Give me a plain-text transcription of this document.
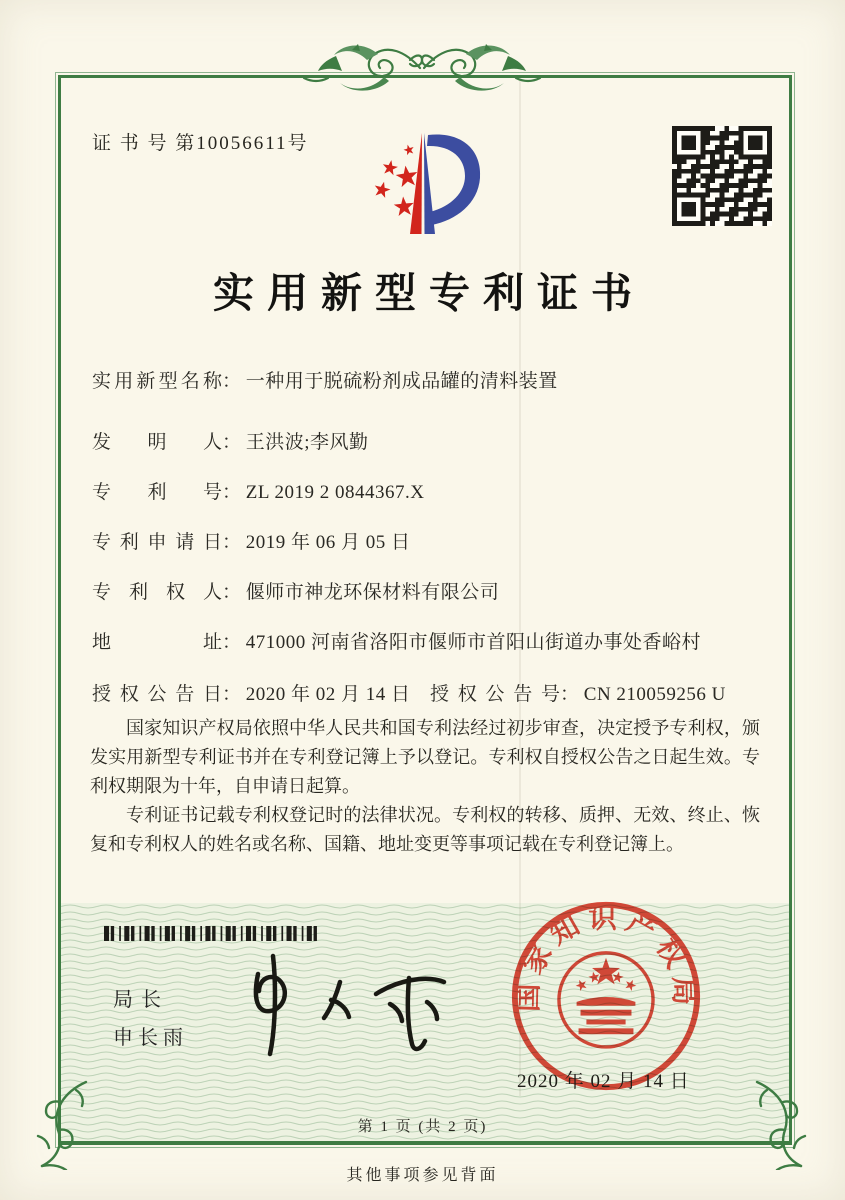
证 书 号 第10056611号
实用新型专利证书
实用新型名称： 一种用于脱硫粉剂成品罐的清料装置
发明人： 王洪波;李风勤
专利号： ZL 2019 2 0844367.X
专利申请日： 2019 年 06 月 05 日
专利权人： 偃师市神龙环保材料有限公司
地址： 471000 河南省洛阳市偃师市首阳山街道办事处香峪村
授权公告日： 2020 年 02 月 14 日 授权公告号： CN 210059256 U

国家知识产权局依照中华人民共和国专利法经过初步审查，决定授予专利权，颁发实用新型专利证书并在专利登记簿上予以登记。专利权自授权公告之日起生效。专利权期限为十年，自申请日起算。

专利证书记载专利权登记时的法律状况。专利权的转移、质押、无效、终止、恢复和专利权人的姓名或名称、国籍、地址变更等事项记载在专利登记簿上。

局长
申长雨
国家知识产权局
2020 年 02 月 14 日
第 1 页 (共 2 页)
其他事项参见背面
